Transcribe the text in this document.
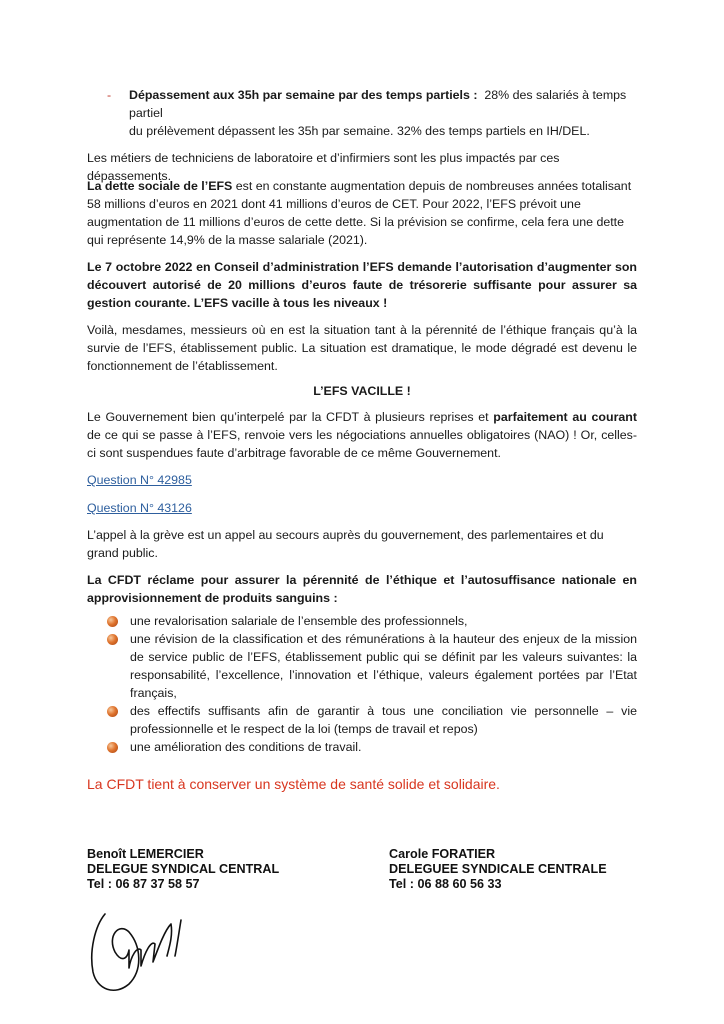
- Dépassement aux 35h par semaine par des temps partiels : 28% des salariés à temps partiel
du prélèvement dépassent les 35h par semaine. 32% des temps partiels en IH/DEL.

Les métiers de techniciens de laboratoire et d’infirmiers sont les plus impactés par ces dépassements.

La dette sociale de l’EFS est en constante augmentation depuis de nombreuses années totalisant 58 millions d’euros en 2021 dont 41 millions d’euros de CET. Pour 2022, l’EFS prévoit une augmentation de 11 millions d’euros de cette dette. Si la prévision se confirme, cela fera une dette qui représente 14,9% de la masse salariale (2021).

Le 7 octobre 2022 en Conseil d’administration l’EFS demande l’autorisation d’augmenter son découvert autorisé de 20 millions d’euros faute de trésorerie suffisante pour assurer sa gestion courante. L’EFS vacille à tous les niveaux !

Voilà, mesdames, messieurs où en est la situation tant à la pérennité de l’éthique français qu’à la survie de l’EFS, établissement public. La situation est dramatique, le mode dégradé est devenu le fonctionnement de l’établissement.

L’EFS VACILLE !

Le Gouvernement bien qu’interpelé par la CFDT à plusieurs reprises et parfaitement au courant de ce qui se passe à l’EFS, renvoie vers les négociations annuelles obligatoires (NAO) ! Or, celles-ci sont suspendues faute d’arbitrage favorable de ce même Gouvernement.

Question N° 42985
Question N° 43126

L’appel à la grève est un appel au secours auprès du gouvernement, des parlementaires et du grand public.

La CFDT réclame pour assurer la pérennité de l’éthique et l’autosuffisance nationale en approvisionnement de produits sanguins :

une revalorisation salariale de l’ensemble des professionnels,
une révision de la classification et des rémunérations à la hauteur des enjeux de la mission de service public de l’EFS, établissement public qui se définit par les valeurs suivantes: la responsabilité, l’excellence, l’innovation et l’éthique, valeurs également portées par l’Etat français,
des effectifs suffisants afin de garantir à tous une conciliation vie personnelle – vie professionnelle et le respect de la loi (temps de travail et repos)
une amélioration des conditions de travail.
La CFDT tient à conserver un système de santé solide et solidaire.
Benoît LEMERCIER
DELEGUE SYNDICAL CENTRAL
Tel : 06 87 37 58 57
Carole FORATIER
DELEGUEE SYNDICALE CENTRALE
Tel : 06 88 60 56 33
